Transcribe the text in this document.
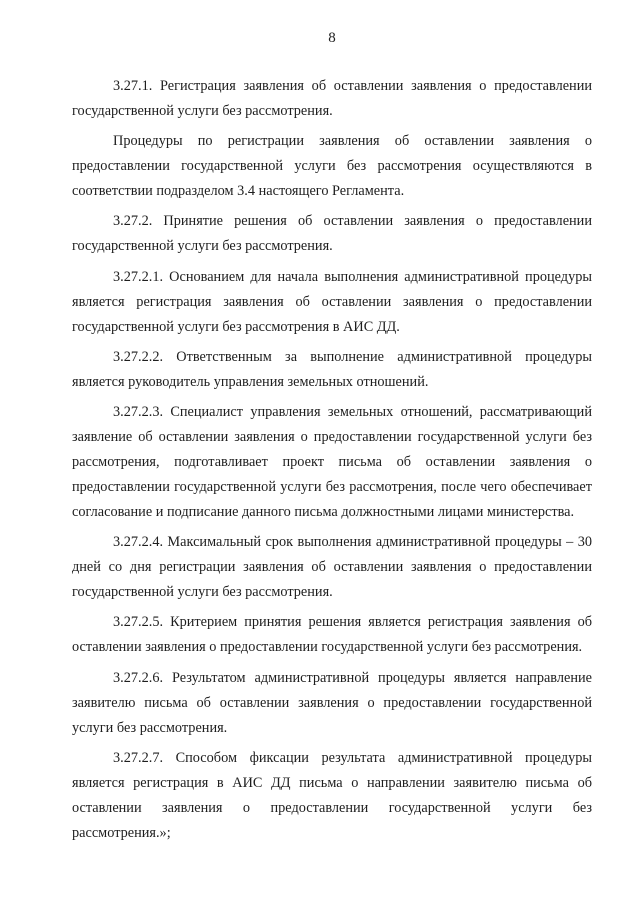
8

3.27.1. Регистрация заявления об оставлении заявления о предоставлении государственной услуги без рассмотрения.

Процедуры по регистрации заявления об оставлении заявления о предоставлении государственной услуги без рассмотрения осуществляются в соответствии подразделом 3.4 настоящего Регламента.

3.27.2. Принятие решения об оставлении заявления о предоставлении государственной услуги без рассмотрения.

3.27.2.1. Основанием для начала выполнения административной процедуры является регистрация заявления об оставлении заявления о предоставлении государственной услуги без рассмотрения в АИС ДД.

3.27.2.2. Ответственным за выполнение административной процедуры является руководитель управления земельных отношений.

3.27.2.3. Специалист управления земельных отношений, рассматривающий заявление об оставлении заявления о предоставлении государственной услуги без рассмотрения, подготавливает проект письма об оставлении заявления о предоставлении государственной услуги без рассмотрения, после чего обеспечивает согласование и подписание данного письма должностными лицами министерства.

3.27.2.4. Максимальный срок выполнения административной процедуры – 30 дней со дня регистрации заявления об оставлении заявления о предоставлении государственной услуги без рассмотрения.

3.27.2.5. Критерием принятия решения является регистрация заявления об оставлении заявления о предоставлении государственной услуги без рассмотрения.

3.27.2.6. Результатом административной процедуры является направление заявителю письма об оставлении заявления о предоставлении государственной услуги без рассмотрения.

3.27.2.7. Способом фиксации результата административной процедуры является регистрация в АИС ДД письма о направлении заявителю письма об оставлении заявления о предоставлении государственной услуги без рассмотрения.»;
